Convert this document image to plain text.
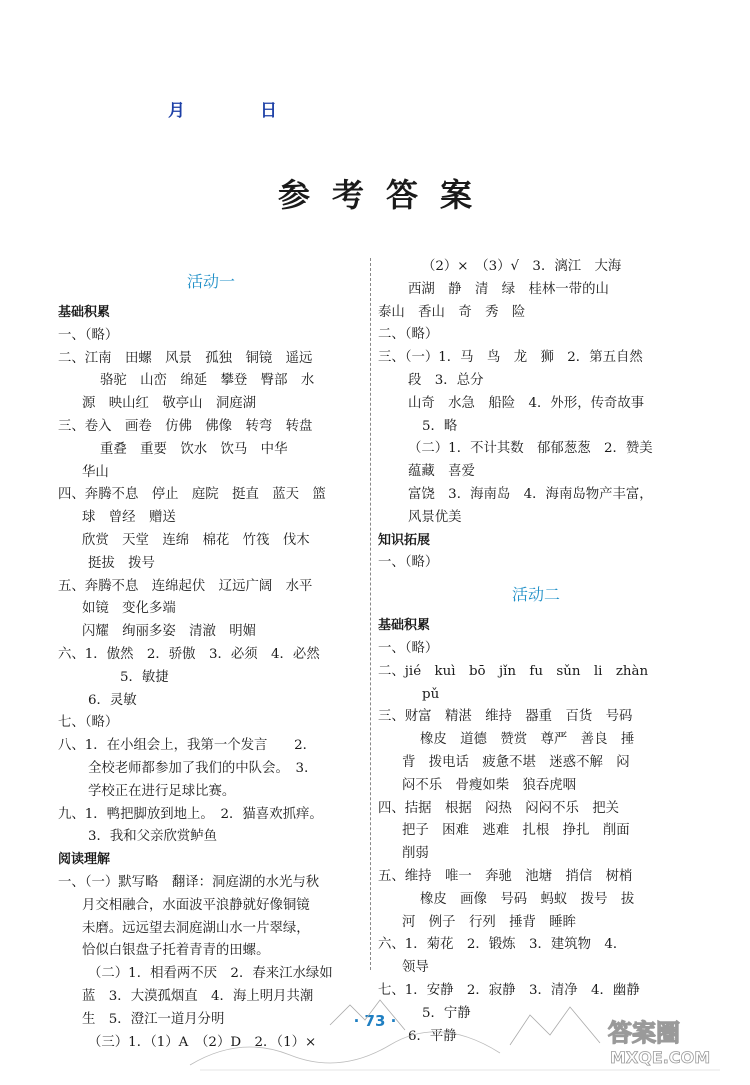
月	日
参考答案
活动一
基础积累
一、（略）
二、江南　田螺　风景　孤独　铜镜　遥远
骆驼　山峦　绵延　攀登　臀部　水
源　映山红　敬亭山　洞庭湖
三、卷入　画卷　仿佛　佛像　转弯　转盘
重叠　重要　饮水　饮马　中华
华山
四、奔腾不息　停止　庭院　挺直　蓝天　篮
球　曾经　赠送
欣赏　天堂　连绵　棉花　竹筏　伐木
挺拔　拨号
五、奔腾不息　连绵起伏　辽远广阔　水平
如镜　变化多端
闪耀　绚丽多姿　清澈　明媚
六、1．傲然　2．骄傲　3．必须　4．必然
5．敏捷
6．灵敏
七、（略）
八、1．在小组会上，我第一个发言　　2．
全校老师都参加了我们的中队会。　3．
学校正在进行足球比赛。
九、1．鸭把脚放到地上。　2．猫喜欢抓痒。
3．我和父亲欣赏鲈鱼
阅读理解
一、（一）默写略　翻译：洞庭湖的水光与秋
月交相融合，水面波平浪静就好像铜镜
未磨。远远望去洞庭湖山水一片翠绿，
恰似白银盘子托着青青的田螺。
（二）1．相看两不厌　2．春来江水绿如
蓝　3．大漠孤烟直　4．海上明月共潮
生　5．澄江一道月分明
（三）1．（1）A　（2）D　2．（1）×
（2）×　（3）√　3．漓江　大海
西湖　静　清　绿　桂林一带的山
泰山　香山　奇　秀　险
二、（略）
三、（一）1．马　鸟　龙　狮　2．第五自然
段　3．总分
山奇　水急　船险　4．外形，传奇故事
5．略
（二）1．不计其数　郁郁葱葱　2．赞美
蕴藏　喜爱
富饶　3．海南岛　4．海南岛物产丰富，
风景优美
知识拓展
一、（略）
活动二
基础积累
一、（略）
二、jié　kuì　bō　jǐn　fu　sǔn　li　zhàn
pǔ
三、财富　精湛　维持　器重　百货　号码
橡皮　道德　赞赏　尊严　善良　捶
背　拨电话　疲惫不堪　迷惑不解　闷
闷不乐　骨瘦如柴　狼吞虎咽
四、拮据　根据　闷热　闷闷不乐　把关
把子　困难　逃难　扎根　挣扎　削面
削弱
五、维持　唯一　奔驰　池塘　捎信　树梢
橡皮　画像　号码　蚂蚁　拨号　拔
河　例子　行列　捶背　睡眸
六、1．菊花　2．锻炼　3．建筑物　4．
领导
七、1．安静　2．寂静　3．清净　4．幽静
5．宁静
6．平静
· 73 ·	答案圈
MXQE.COM
